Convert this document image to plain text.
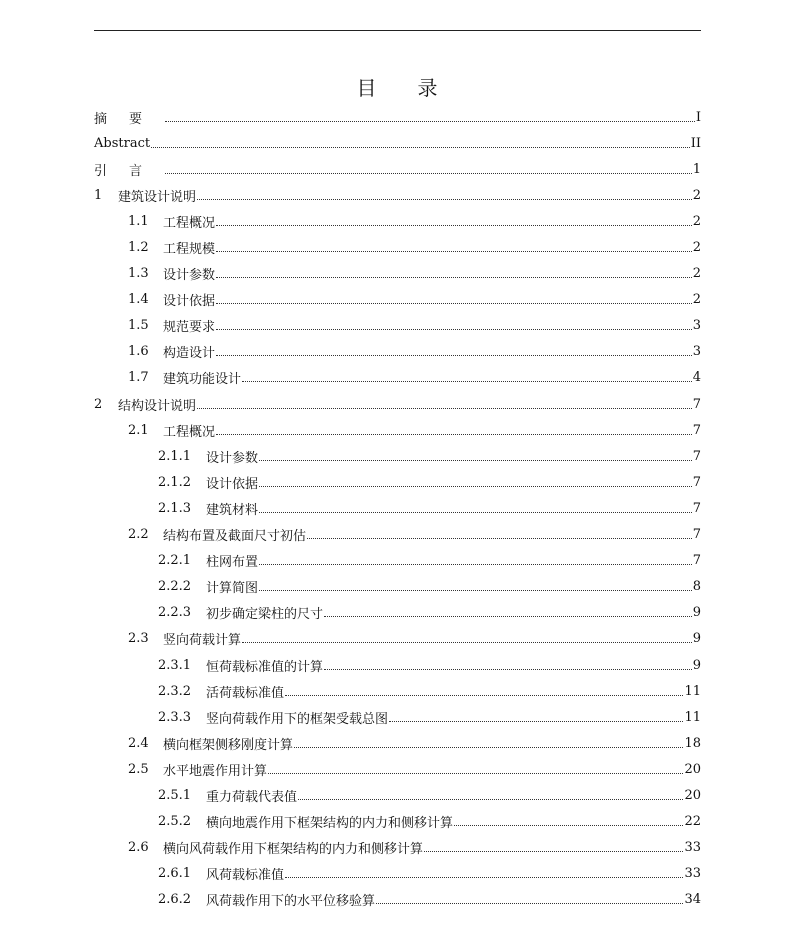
目 录
摘要	I
Abstract	II
引言	1
1	建筑设计说明	2
1.1	工程概况	2
1.2	工程规模	2
1.3	设计参数	2
1.4	设计依据	2
1.5	规范要求	3
1.6	构造设计	3
1.7	建筑功能设计	4
2	结构设计说明	7
2.1	工程概况	7
2.1.1	设计参数	7
2.1.2	设计依据	7
2.1.3	建筑材料	7
2.2	结构布置及截面尺寸初估	7
2.2.1	柱网布置	7
2.2.2	计算简图	8
2.2.3	初步确定梁柱的尺寸	9
2.3	竖向荷载计算	9
2.3.1	恒荷载标准值的计算	9
2.3.2	活荷载标准值	11
2.3.3	竖向荷载作用下的框架受载总图	11
2.4	横向框架侧移刚度计算	18
2.5	水平地震作用计算	20
2.5.1	重力荷载代表值	20
2.5.2	横向地震作用下框架结构的内力和侧移计算	22
2.6	横向风荷载作用下框架结构的内力和侧移计算	33
2.6.1	风荷载标准值	33
2.6.2	风荷载作用下的水平位移验算	34
